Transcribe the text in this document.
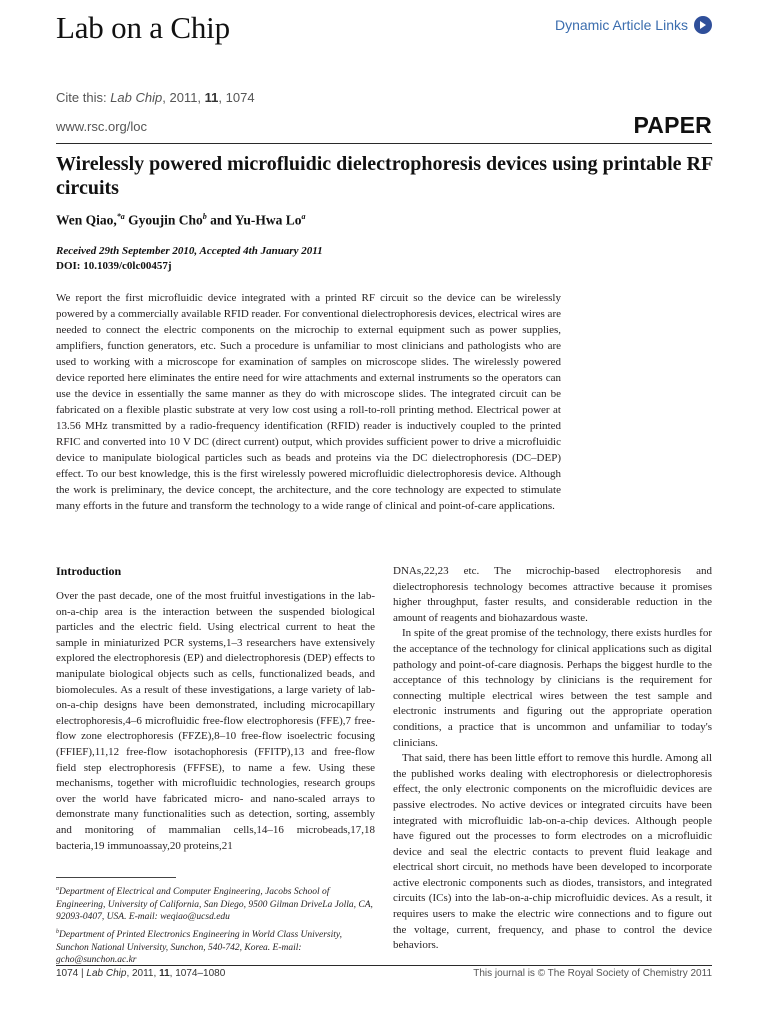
Lab on a Chip	Dynamic Article Links
Cite this: Lab Chip, 2011, 11, 1074
www.rsc.org/loc	PAPER
Wirelessly powered microfluidic dielectrophoresis devices using printable RF circuits
Wen Qiao,$^{*a}$ Gyoujin Cho$^b$ and Yu-Hwa Lo$^a$
Received 29th September 2010, Accepted 4th January 2011
DOI: 10.1039/c0lc00457j
We report the first microfluidic device integrated with a printed RF circuit so the device can be wirelessly powered by a commercially available RFID reader. For conventional dielectrophoresis devices, electrical wires are needed to connect the electric components on the microchip to external equipment such as power supplies, amplifiers, function generators, etc. Such a procedure is unfamiliar to most clinicians and pathologists who are used to working with a microscope for examination of samples on microscope slides. The wirelessly powered device reported here eliminates the entire need for wire attachments and external instruments so the operators can use the device in essentially the same manner as they do with microscope slides. The integrated circuit can be fabricated on a flexible plastic substrate at very low cost using a roll-to-roll printing method. Electrical power at 13.56 MHz transmitted by a radio-frequency identification (RFID) reader is inductively coupled to the printed RFIC and converted into 10 V DC (direct current) output, which provides sufficient power to drive a microfluidic device to manipulate biological particles such as beads and proteins via the DC dielectrophoresis (DC–DEP) effect. To our best knowledge, this is the first wirelessly powered microfluidic dielectrophoresis device. Although the work is preliminary, the device concept, the architecture, and the core technology are expected to stimulate many efforts in the future and transform the technology to a wide range of clinical and point-of-care applications.
Introduction

Over the past decade, one of the most fruitful investigations in the lab-on-a-chip area is the interaction between the suspended biological particles and the electric field. Using electrical current to heat the sample in miniaturized PCR systems,1–3 researchers have extensively explored the electrophoresis (EP) and dielectrophoresis (DEP) effects to manipulate biological objects such as cells, functionalized beads, and biomolecules. As a result of these investigations, a large variety of lab-on-a-chip designs have been demonstrated, including microcapillary electrophoresis,4–6 microfluidic free-flow electrophoresis (FFE),7 free-flow zone electrophoresis (FFZE),8–10 free-flow isoelectric focusing (FFIEF),11,12 free-flow isotachophoresis (FFITP),13 and free-flow field step electrophoresis (FFFSE), to name a few. Using these mechanisms, together with microfluidic technologies, research groups over the world have fabricated micro- and nano-scaled arrays to demonstrate many functionalities such as detection, sorting, assembly and monitoring of mammalian cells,14–16 microbeads,17,18 bacteria,19 immunoassay,20 proteins,21

DNAs,22,23 etc. The microchip-based electrophoresis and dielectrophoresis technology becomes attractive because it promises higher throughput, faster results, and considerable reduction in the amount of reagents and biohazardous waste.

In spite of the great promise of the technology, there exists hurdles for the acceptance of the technology for clinical applications such as digital pathology and point-of-care diagnosis. Perhaps the biggest hurdle to the acceptance of this technology by clinicians is the requirement for connecting multiple electrical wires between the test sample and electronic instruments and figuring out the appropriate operation conditions, a practice that is uncommon and unfamiliar to today's clinicians.

That said, there has been little effort to remove this hurdle. Among all the published works dealing with electrophoresis or dielectrophoresis effect, the only electronic components on the microfluidic devices are passive electrodes. No active devices or integrated circuits have been integrated with microfluidic lab-on-a-chip devices. Although people have figured out the processes to form electrodes on a microfluidic device and seal the electric contacts to prevent fluid leakage and electrical short circuit, no methods have been developed to incorporate active electronic components such as diodes, transistors, and integrated circuits (ICs) into the lab-on-a-chip microfluidic devices. As a result, it requires users to make the electric wire connections and to figure out the voltage, current, frequency, and phase to control the device behaviors.

$^a$Department of Electrical and Computer Engineering, Jacobs School of Engineering, University of California, San Diego, 9500 Gilman DriveLa Jolla, CA, 92093-0407, USA. E-mail: weqiao@ucsd.edu

$^b$Department of Printed Electronics Engineering in World Class University, Sunchon National University, Sunchon, 540-742, Korea. E-mail: gcho@sunchon.ac.kr

1074 | Lab Chip, 2011, 11, 1074–1080	This journal is © The Royal Society of Chemistry 2011
